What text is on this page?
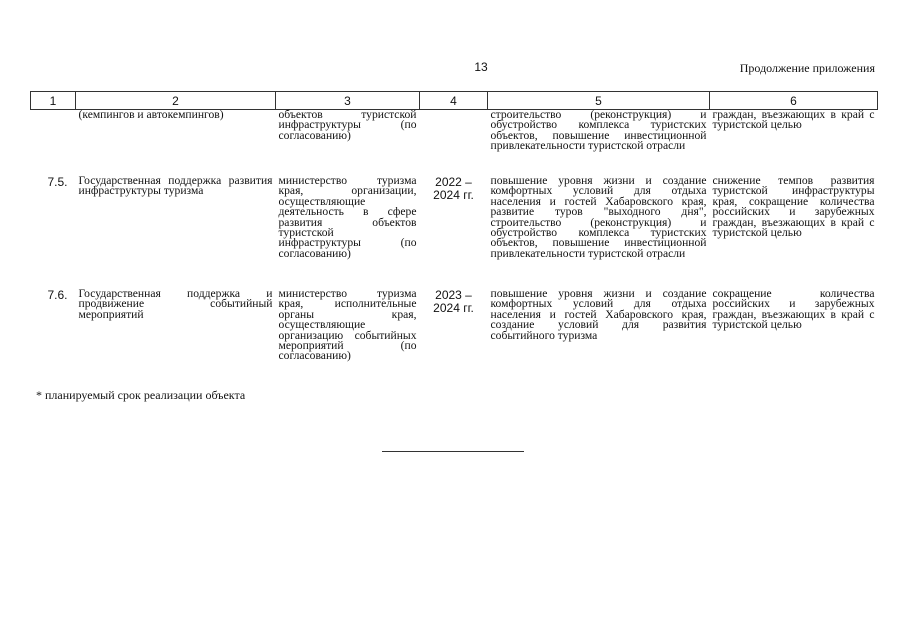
13	Продолжение приложения
1	2	3	4	5	6
	(кемпингов и автокемпингов)	объектов туристской инфраструктуры (по согласованию)		строительство (реконструкция) и обустройство комплекса туристских объектов, повышение инвестиционной привлекательности туристской отрасли	граждан, въезжающих в край с туристской целью
7.5.	Государственная поддержка развития инфраструктуры туризма	министерство туризма края, организации, осуществляющие деятельность в сфере развития объектов туристской инфраструктуры (по согласованию)	2022 – 2024 гг.	повышение уровня жизни и создание комфортных условий для отдыха населения и гостей Хабаровского края, развитие туров "выходного дня", строительство (реконструкция) и обустройство комплекса туристских объектов, повышение инвестиционной привлекательности туристской отрасли	снижение темпов развития туристской инфраструктуры края, сокращение количества российских и зарубежных граждан, въезжающих в край с туристской целью
7.6.	Государственная поддержка и продвижение событийный мероприятий	министерство туризма края, исполнительные органы края, осуществляющие организацию событийных мероприятий (по согласованию)	2023 – 2024 гг.	повышение уровня жизни и создание комфортных условий для отдыха населения и гостей Хабаровского края, создание условий для развития событийного туризма	сокращение количества российских и зарубежных граждан, въезжающих в край с туристской целью
* планируемый срок реализации объекта
